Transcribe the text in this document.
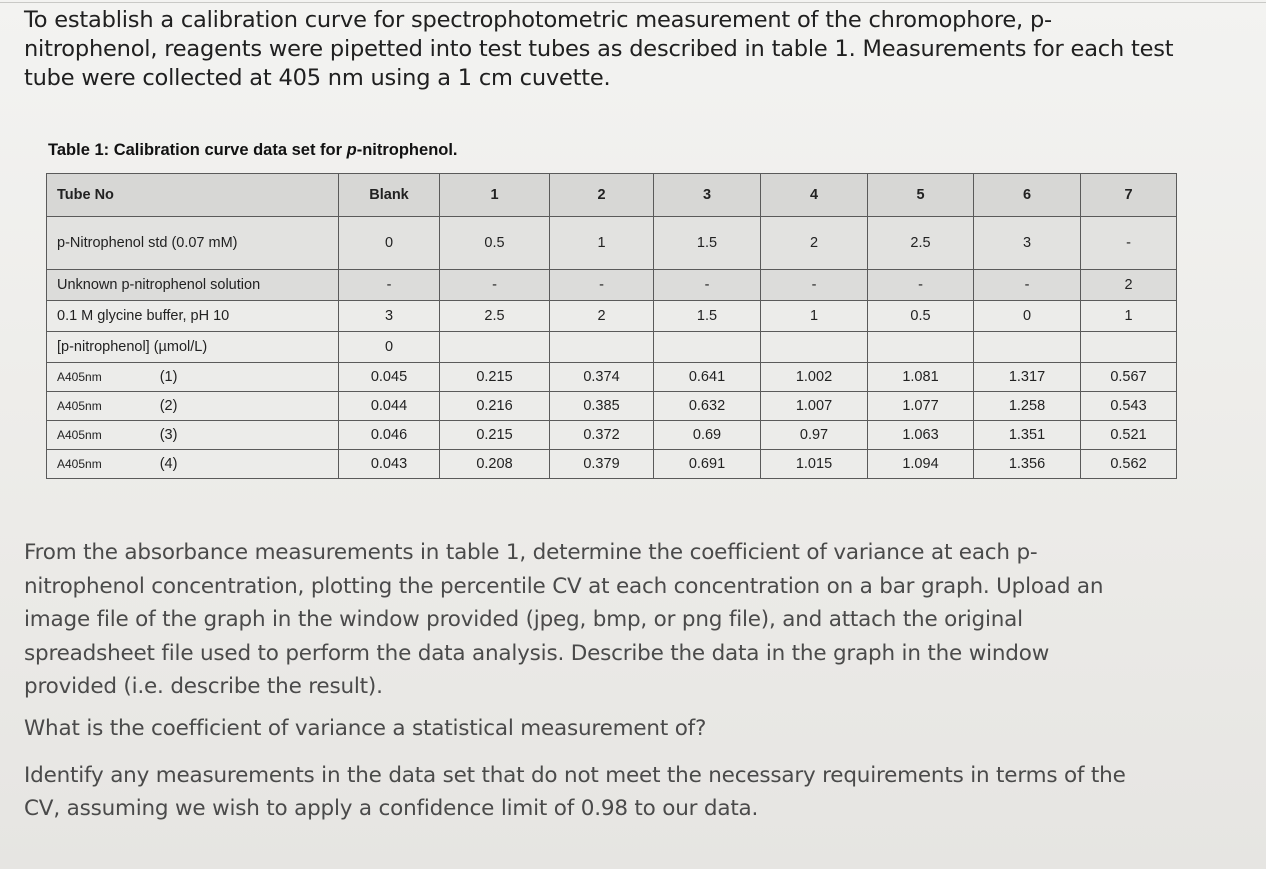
To establish a calibration curve for spectrophotometric measurement of the chromophore, p-
nitrophenol, reagents were pipetted into test tubes as described in table 1. Measurements for each test
tube were collected at 405 nm using a 1 cm cuvette.
Table 1: Calibration curve data set for p-nitrophenol.
Tube No	Blank	1	2	3	4	5	6	7
p-Nitrophenol std (0.07 mM)	0	0.5	1	1.5	2	2.5	3	-
Unknown p-nitrophenol solution	-	-	-	-	-	-	-	2
0.1 M glycine buffer, pH 10	3	2.5	2	1.5	1	0.5	0	1
[p-nitrophenol] (µmol/L)	0							
A405nm (1)	0.045	0.215	0.374	0.641	1.002	1.081	1.317	0.567
A405nm (2)	0.044	0.216	0.385	0.632	1.007	1.077	1.258	0.543
A405nm (3)	0.046	0.215	0.372	0.69	0.97	1.063	1.351	0.521
A405nm (4)	0.043	0.208	0.379	0.691	1.015	1.094	1.356	0.562

From the absorbance measurements in table 1, determine the coefficient of variance at each p-

nitrophenol concentration, plotting the percentile CV at each concentration on a bar graph. Upload an

image file of the graph in the window provided (jpeg, bmp, or png file), and attach the original

spreadsheet file used to perform the data analysis. Describe the data in the graph in the window

provided (i.e. describe the result).

What is the coefficient of variance a statistical measurement of?

Identify any measurements in the data set that do not meet the necessary requirements in terms of the

CV, assuming we wish to apply a confidence limit of 0.98 to our data.
